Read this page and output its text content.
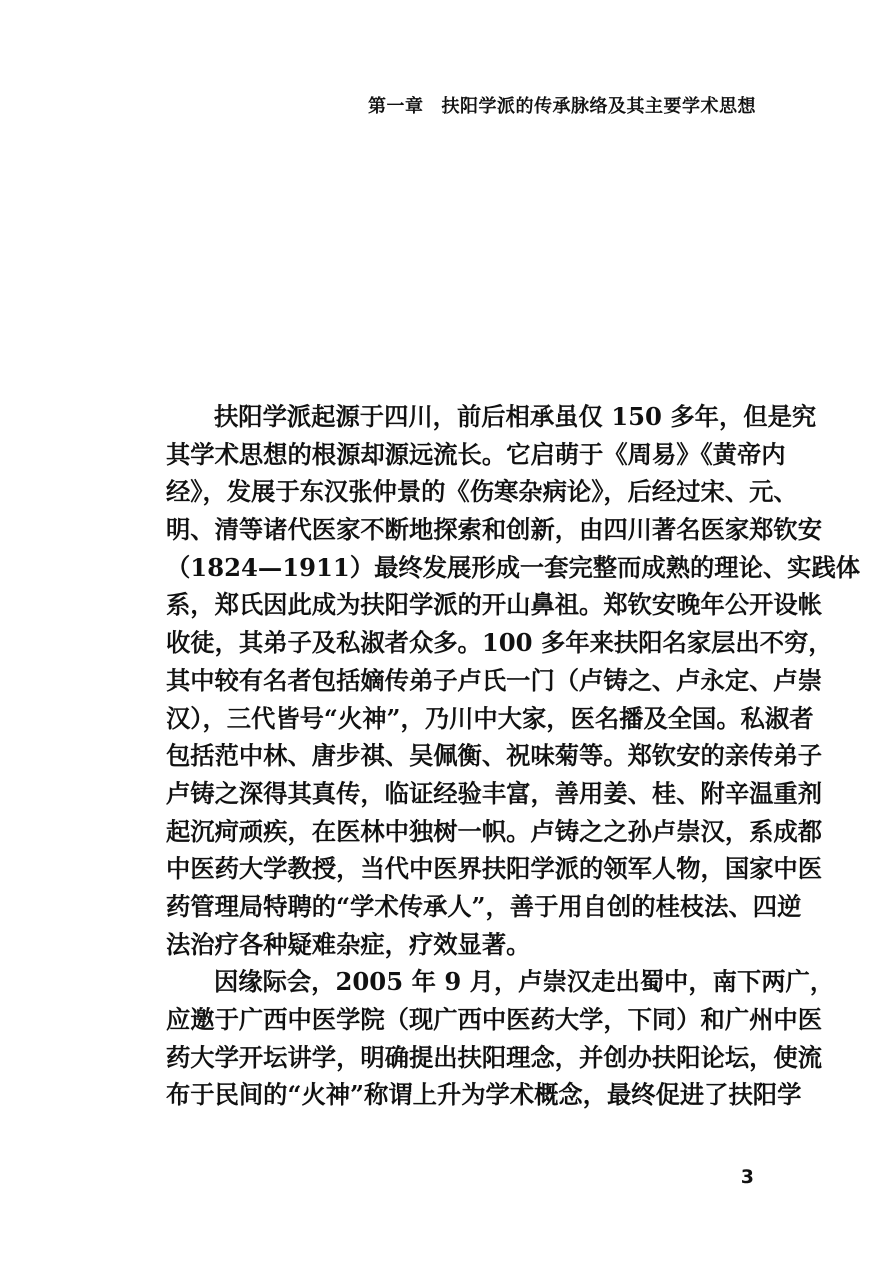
第一章 扶阳学派的传承脉络及其主要学术思想
扶阳学派起源于四川，前后相承虽仅 150 多年，但是究
其学术思想的根源却源远流长。它启萌于《周易》《黄帝内
经》，发展于东汉张仲景的《伤寒杂病论》，后经过宋、元、
明、清等诸代医家不断地探索和创新，由四川著名医家郑钦安
（1824—1911）最终发展形成一套完整而成熟的理论、实践体
系，郑氏因此成为扶阳学派的开山鼻祖。郑钦安晚年公开设帐
收徒，其弟子及私淑者众多。100 多年来扶阳名家层出不穷，
其中较有名者包括嫡传弟子卢氏一门（卢铸之、卢永定、卢崇
汉），三代皆号“火神”，乃川中大家，医名播及全国。私淑者
包括范中林、唐步祺、吴佩衡、祝味菊等。郑钦安的亲传弟子
卢铸之深得其真传，临证经验丰富，善用姜、桂、附辛温重剂
起沉疴顽疾，在医林中独树一帜。卢铸之之孙卢崇汉，系成都
中医药大学教授，当代中医界扶阳学派的领军人物，国家中医
药管理局特聘的“学术传承人”，善于用自创的桂枝法、四逆
法治疗各种疑难杂症，疗效显著。
因缘际会，2005 年 9 月，卢崇汉走出蜀中，南下两广，
应邀于广西中医学院（现广西中医药大学，下同）和广州中医
药大学开坛讲学，明确提出扶阳理念，并创办扶阳论坛，使流
布于民间的“火神”称谓上升为学术概念，最终促进了扶阳学
3
